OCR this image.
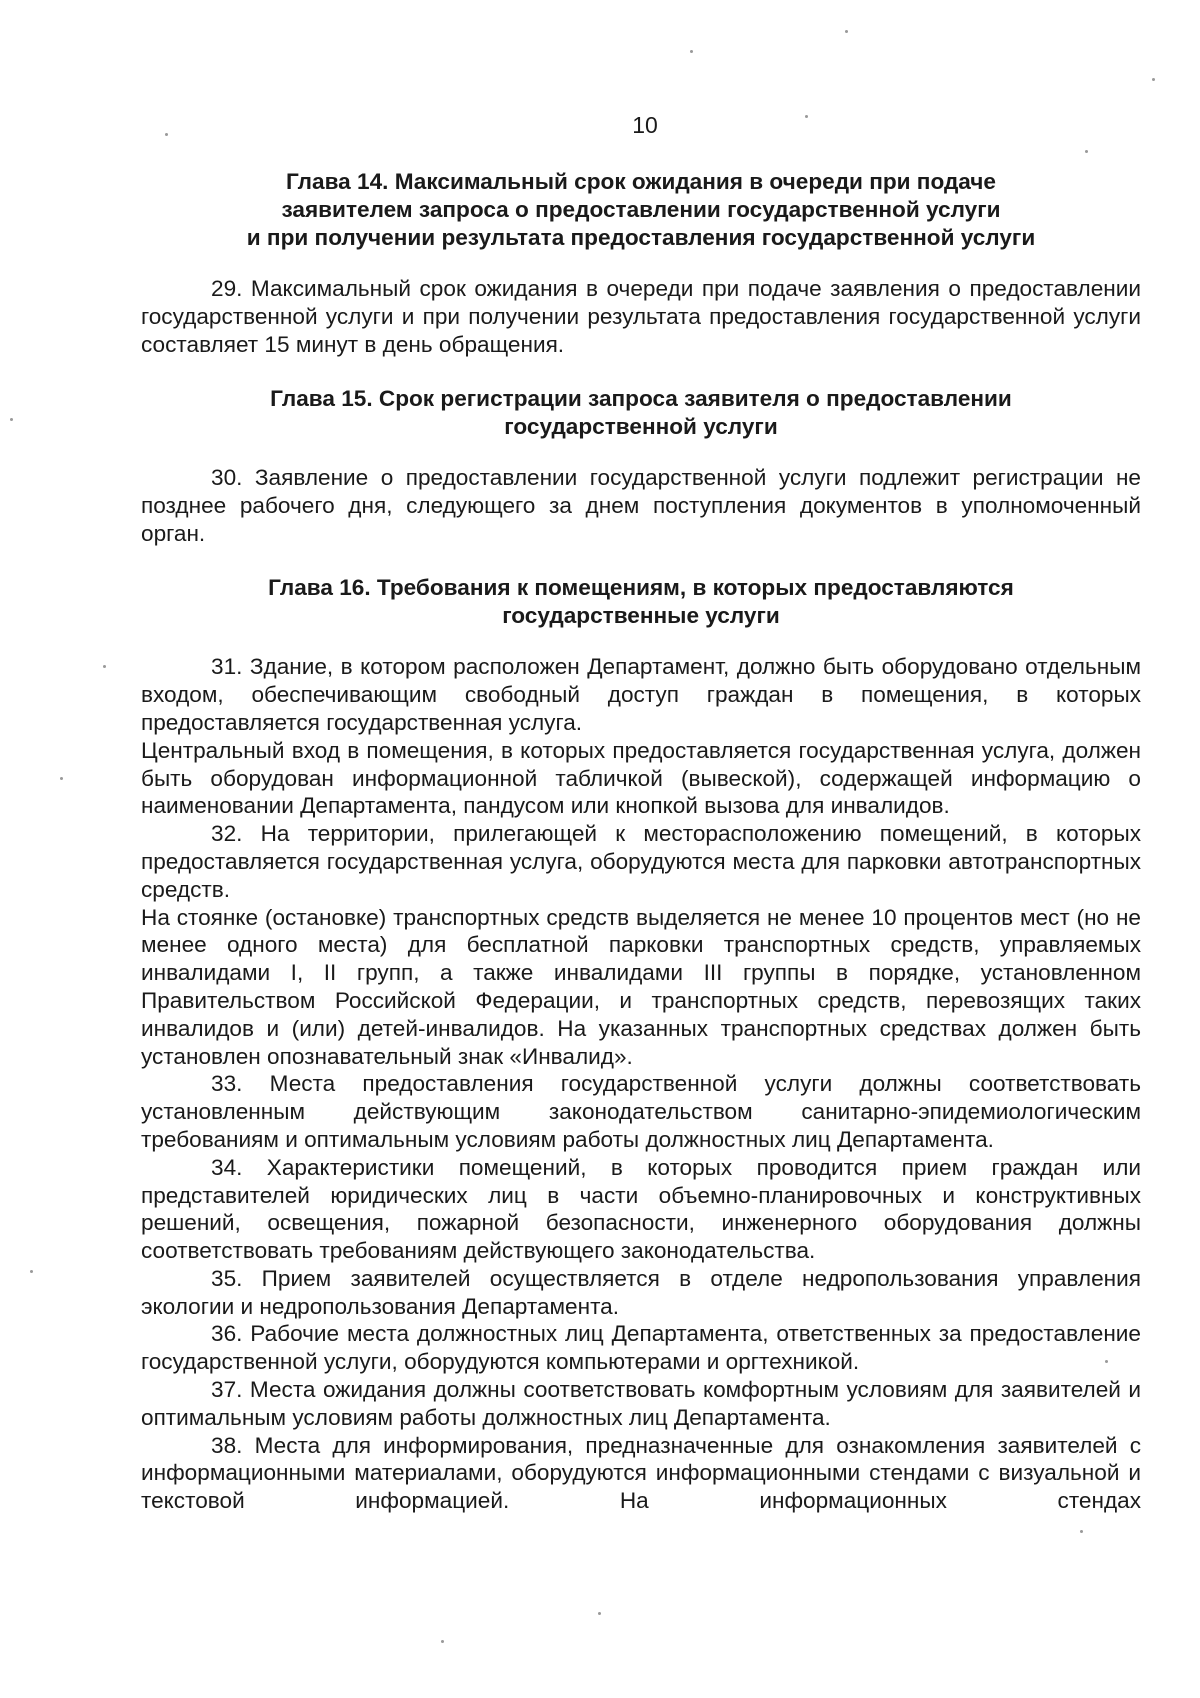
10
Глава 14. Максимальный срок ожидания в очереди при подаче
заявителем запроса о предоставлении государственной услуги
и при получении результата предоставления государственной услуги

29. Максимальный срок ожидания в очереди при подаче заявления о предоставлении государственной услуги и при получении результата предоставления государственной услуги составляет 15 минут в день обращения.

Глава 15. Срок регистрации запроса заявителя о предоставлении
государственной услуги

30. Заявление о предоставлении государственной услуги подлежит регистрации не позднее рабочего дня, следующего за днем поступления документов в уполномоченный орган.

Глава 16. Требования к помещениям, в которых предоставляются
государственные услуги

31. Здание, в котором расположен Департамент, должно быть оборудовано отдельным входом, обеспечивающим свободный доступ граждан в помещения, в которых предоставляется государственная услуга.

Центральный вход в помещения, в которых предоставляется государственная услуга, должен быть оборудован информационной табличкой (вывеской), содержащей информацию о наименовании Департамента, пандусом или кнопкой вызова для инвалидов.

32. На территории, прилегающей к месторасположению помещений, в которых предоставляется государственная услуга, оборудуются места для парковки автотранспортных средств.

На стоянке (остановке) транспортных средств выделяется не менее 10 процентов мест (но не менее одного места) для бесплатной парковки транспортных средств, управляемых инвалидами I, II групп, а также инвалидами III группы в порядке, установленном Правительством Российской Федерации, и транспортных средств, перевозящих таких инвалидов и (или) детей-инвалидов. На указанных транспортных средствах должен быть установлен опознавательный знак «Инвалид».

33. Места предоставления государственной услуги должны соответствовать установленным действующим законодательством санитарно-эпидемиологическим требованиям и оптимальным условиям работы должностных лиц Департамента.

34. Характеристики помещений, в которых проводится прием граждан или представителей юридических лиц в части объемно-планировочных и конструктивных решений, освещения, пожарной безопасности, инженерного оборудования должны соответствовать требованиям действующего законодательства.

35. Прием заявителей осуществляется в отделе недропользования управления экологии и недропользования Департамента.

36. Рабочие места должностных лиц Департамента, ответственных за предоставление государственной услуги, оборудуются компьютерами и оргтехникой.

37. Места ожидания должны соответствовать комфортным условиям для заявителей и оптимальным условиям работы должностных лиц Департамента.

38. Места для информирования, предназначенные для ознакомления заявителей с информационными материалами, оборудуются информационными стендами с визуальной и текстовой информацией. На информационных стендах
